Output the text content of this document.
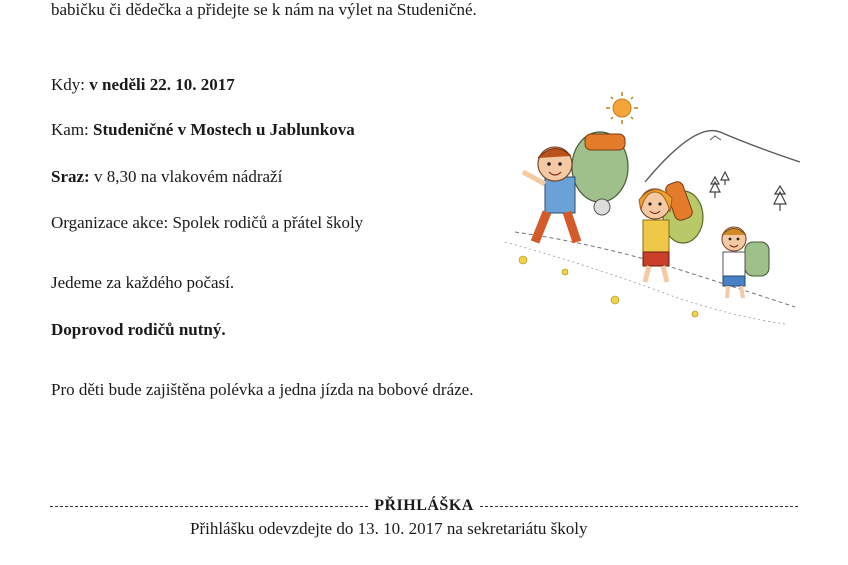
babičku či dědečka a přidejte se k nám na výlet na Studeničné.
Kdy: v neděli 22. 10. 2017
Kam: Studeničné v Mostech u Jablunkova
Sraz: v 8,30 na vlakovém nádraží
Organizace akce: Spolek rodičů a přátel školy
Jedeme za každého počasí.
Doprovod rodičů nutný.
Pro děti bude zajištěna polévka a jedna jízda na bobové dráze.
PŘIHLÁŠKA
Přihlášku odevzdejte do 13. 10. 2017 na sekretariátu školy
